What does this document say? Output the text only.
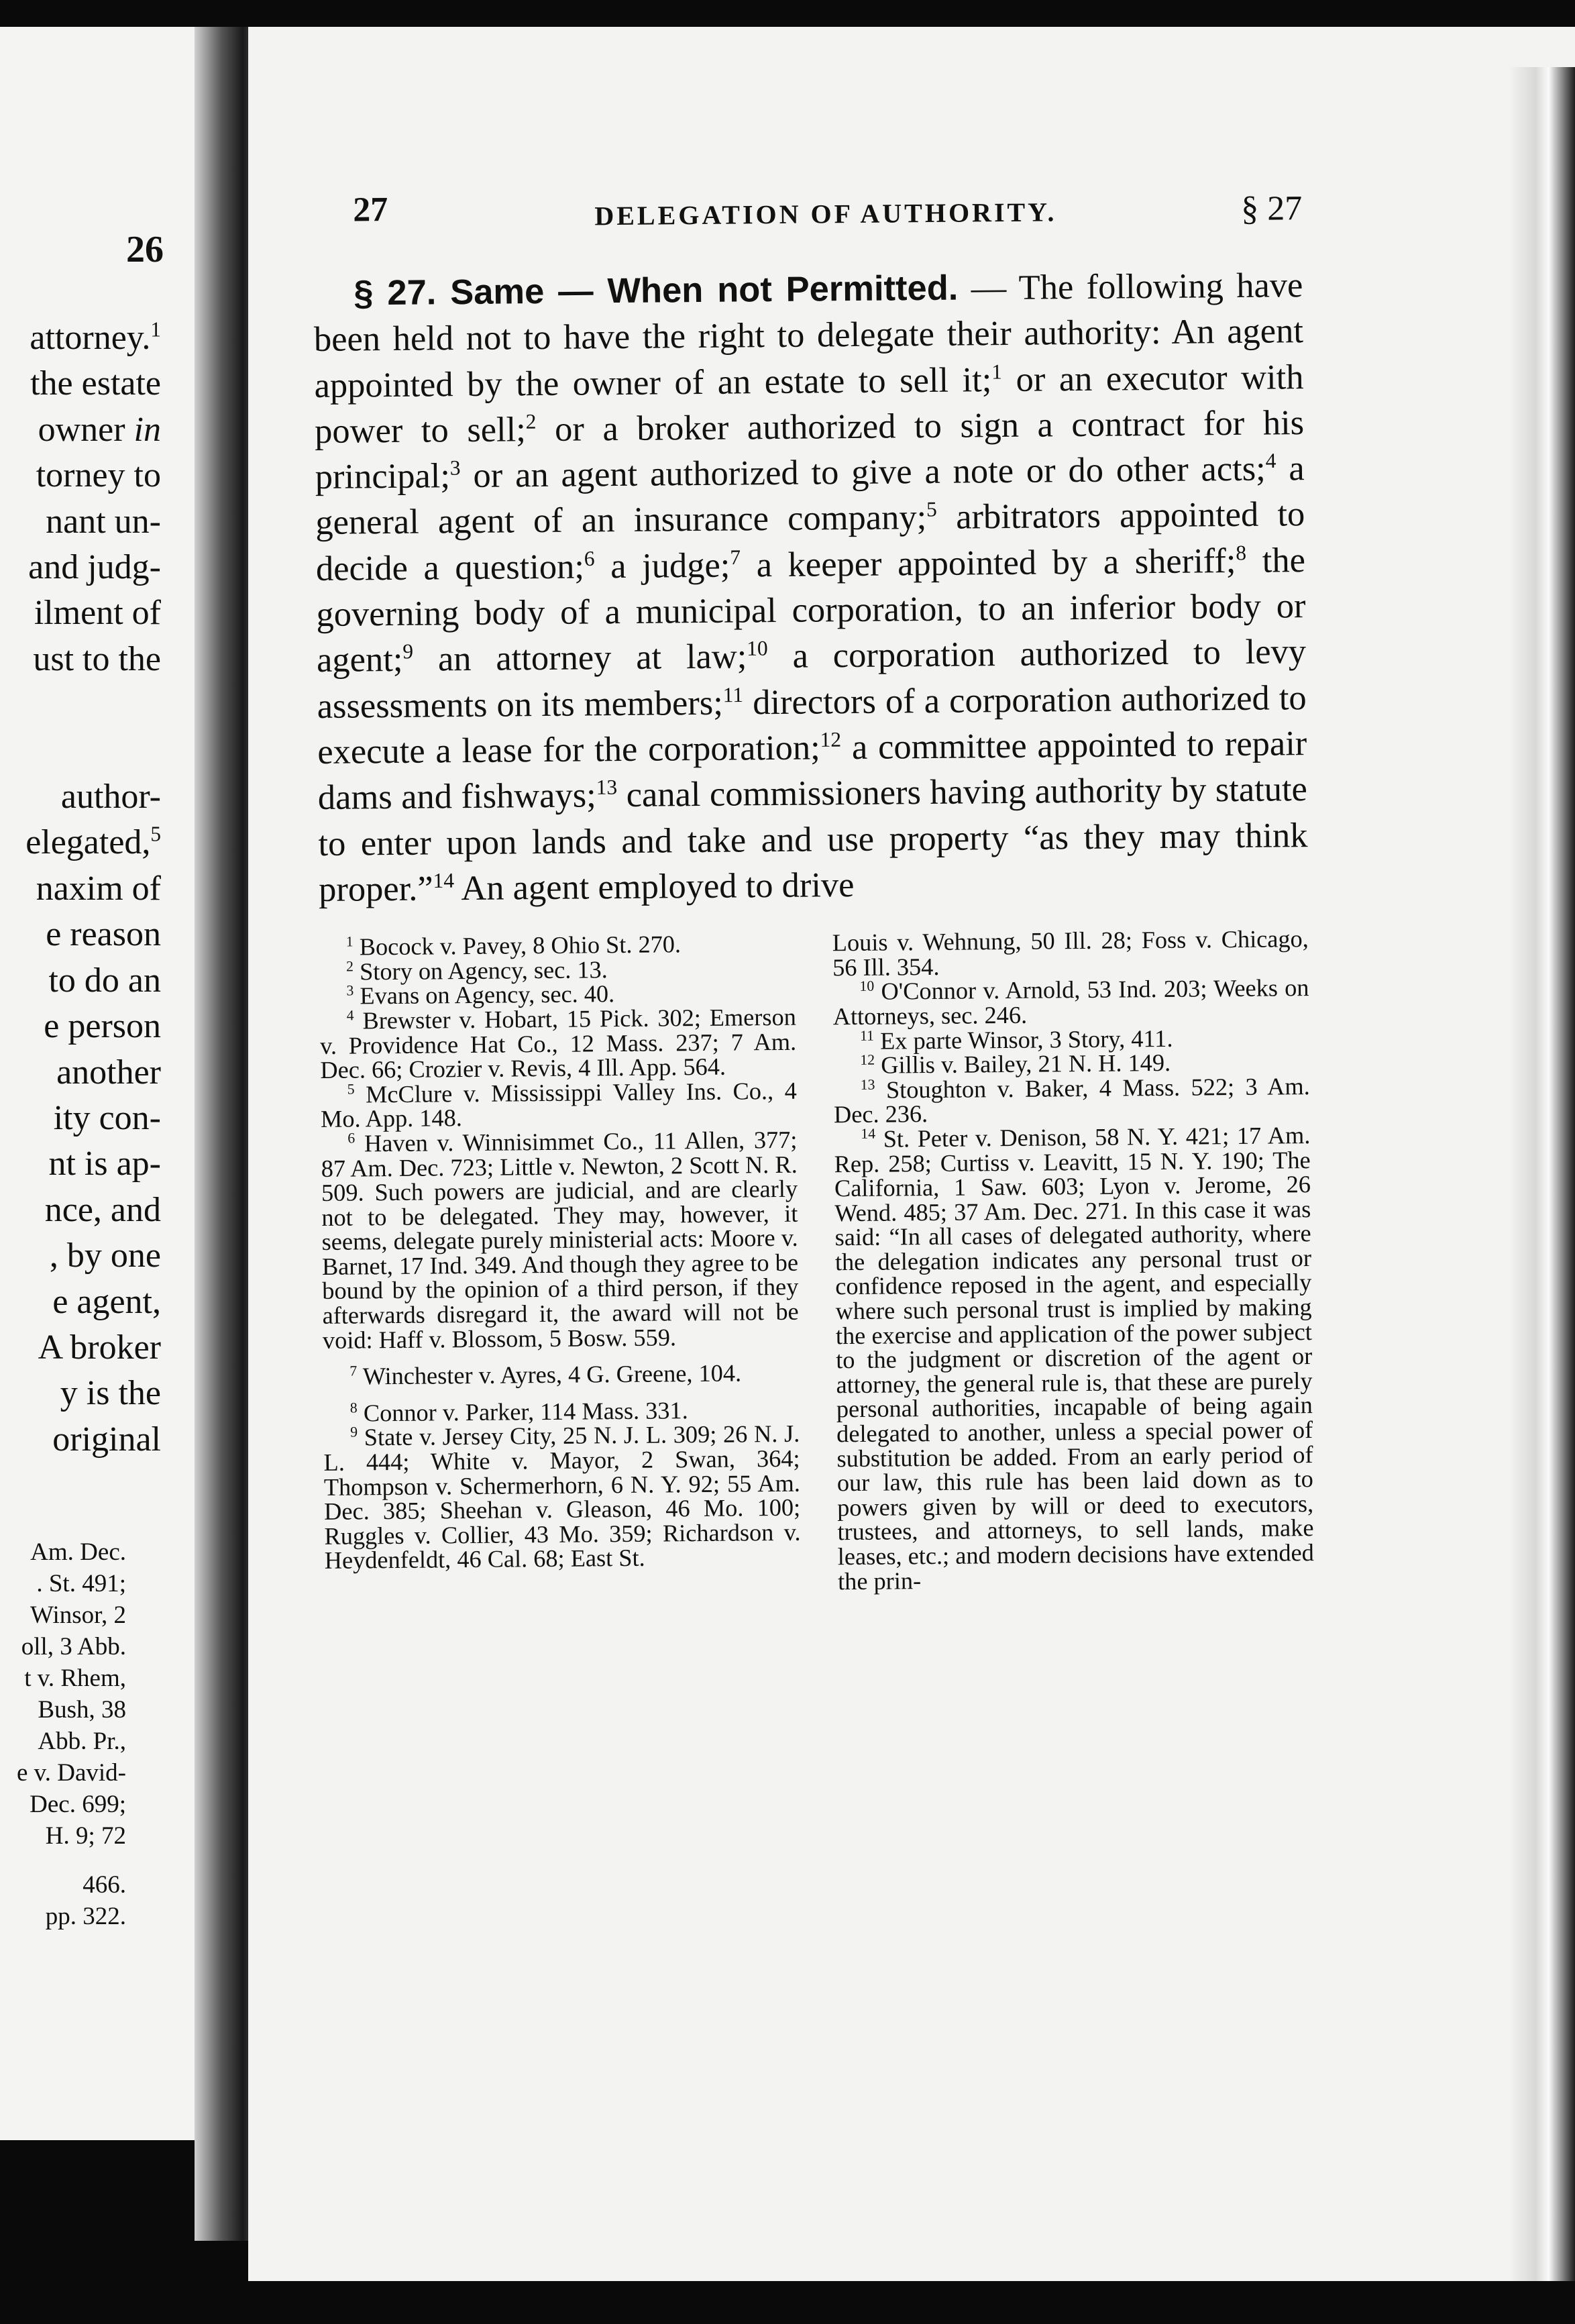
26
attorney.$^1$
the estate
owner in
torney to
nant un-
and judg-
ilment of
ust to the

author-
elegated,$^5$
naxim of
e reason
to do an
e person
another
ity con-
nt is ap-
nce, and
, by one
e agent,
A broker
y is the
original
Am. Dec.
. St. 491;
Winsor, 2
oll, 3 Abb.
t v. Rhem,
Bush, 38
Abb. Pr.,
e v. David-
Dec. 699;
H. 9; 72
466.
pp. 322.
27	DELEGATION OF AUTHORITY.	§ 27

§ 27. Same — When not Permitted. — The following have been held not to have the right to delegate their authority: An agent appointed by the owner of an estate to sell it;$^1$ or an executor with power to sell;$^2$ or a broker authorized to sign a contract for his principal;$^3$ or an agent authorized to give a note or do other acts;$^4$ a general agent of an insurance company;$^5$ arbitrators appointed to decide a question;$^6$ a judge;$^7$ a keeper appointed by a sheriff;$^8$ the governing body of a municipal corporation, to an inferior body or agent;$^9$ an attorney at law;$^{10}$ a corporation authorized to levy assessments on its members;$^{11}$ directors of a corporation authorized to execute a lease for the corporation;$^{12}$ a committee appointed to repair dams and fishways;$^{13}$ canal commissioners having authority by statute to enter upon lands and take and use property “as they may think proper.”$^{14}$ An agent employed to drive

$^1$ Bocock v. Pavey, 8 Ohio St. 270.

$^2$ Story on Agency, sec. 13.

$^3$ Evans on Agency, sec. 40.

$^4$ Brewster v. Hobart, 15 Pick. 302; Emerson v. Providence Hat Co., 12 Mass. 237; 7 Am. Dec. 66; Crozier v. Revis, 4 Ill. App. 564.

$^5$ McClure v. Mississippi Valley Ins. Co., 4 Mo. App. 148.

$^6$ Haven v. Winnisimmet Co., 11 Allen, 377; 87 Am. Dec. 723; Little v. Newton, 2 Scott N. R. 509. Such powers are judicial, and are clearly not to be delegated. They may, however, it seems, delegate purely ministerial acts: Moore v. Barnet, 17 Ind. 349. And though they agree to be bound by the opinion of a third person, if they afterwards disregard it, the award will not be void: Haff v. Blossom, 5 Bosw. 559.

$^7$ Winchester v. Ayres, 4 G. Greene, 104.

$^8$ Connor v. Parker, 114 Mass. 331.

$^9$ State v. Jersey City, 25 N. J. L. 309; 26 N. J. L. 444; White v. Mayor, 2 Swan, 364; Thompson v. Schermerhorn, 6 N. Y. 92; 55 Am. Dec. 385; Sheehan v. Gleason, 46 Mo. 100; Ruggles v. Collier, 43 Mo. 359; Richardson v. Heydenfeldt, 46 Cal. 68; East St.

Louis v. Wehnung, 50 Ill. 28; Foss v. Chicago, 56 Ill. 354.

$^{10}$ O'Connor v. Arnold, 53 Ind. 203; Weeks on Attorneys, sec. 246.

$^{11}$ Ex parte Winsor, 3 Story, 411.

$^{12}$ Gillis v. Bailey, 21 N. H. 149.

$^{13}$ Stoughton v. Baker, 4 Mass. 522; 3 Am. Dec. 236.

$^{14}$ St. Peter v. Denison, 58 N. Y. 421; 17 Am. Rep. 258; Curtiss v. Leavitt, 15 N. Y. 190; The California, 1 Saw. 603; Lyon v. Jerome, 26 Wend. 485; 37 Am. Dec. 271. In this case it was said: “In all cases of delegated authority, where the delegation indicates any personal trust or confidence reposed in the agent, and especially where such personal trust is implied by making the exercise and application of the power subject to the judgment or discretion of the agent or attorney, the general rule is, that these are purely personal authorities, incapable of being again delegated to another, unless a special power of substitution be added. From an early period of our law, this rule has been laid down as to powers given by will or deed to executors, trustees, and attorneys, to sell lands, make leases, etc.; and modern decisions have extended the prin-
